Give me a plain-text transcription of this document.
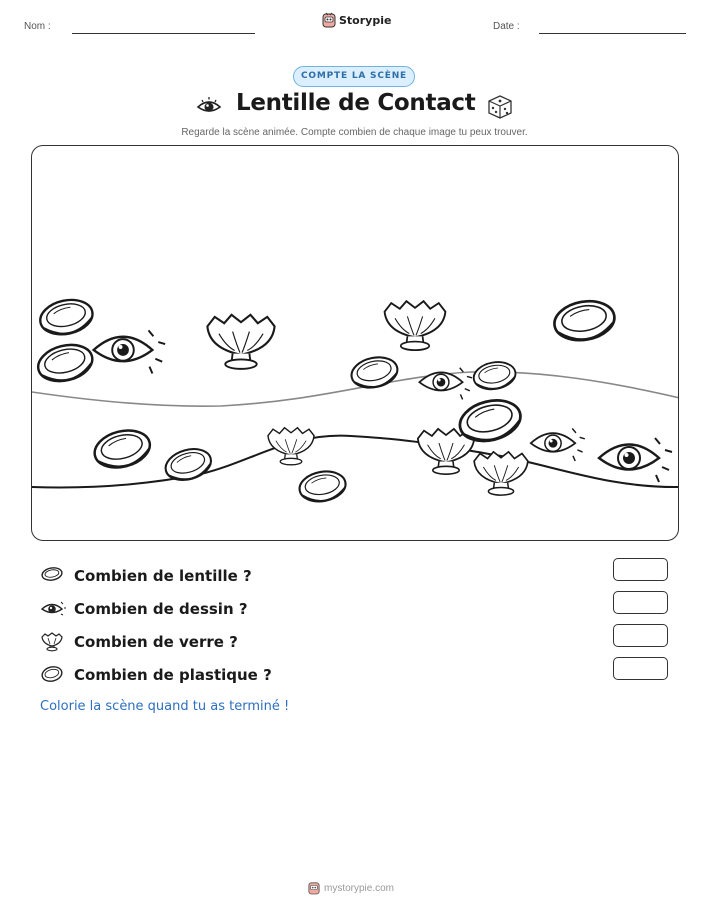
Nom :	Storypie	Date :
COMPTE LA SCÈNE
Lentille de Contact
Regarde la scène animée. Compte combien de chaque image tu peux trouver.
Combien de lentille ?
Combien de dessin ?
Combien de verre ?
Combien de plastique ?
Colorie la scène quand tu as terminé !
mystorypie.com
